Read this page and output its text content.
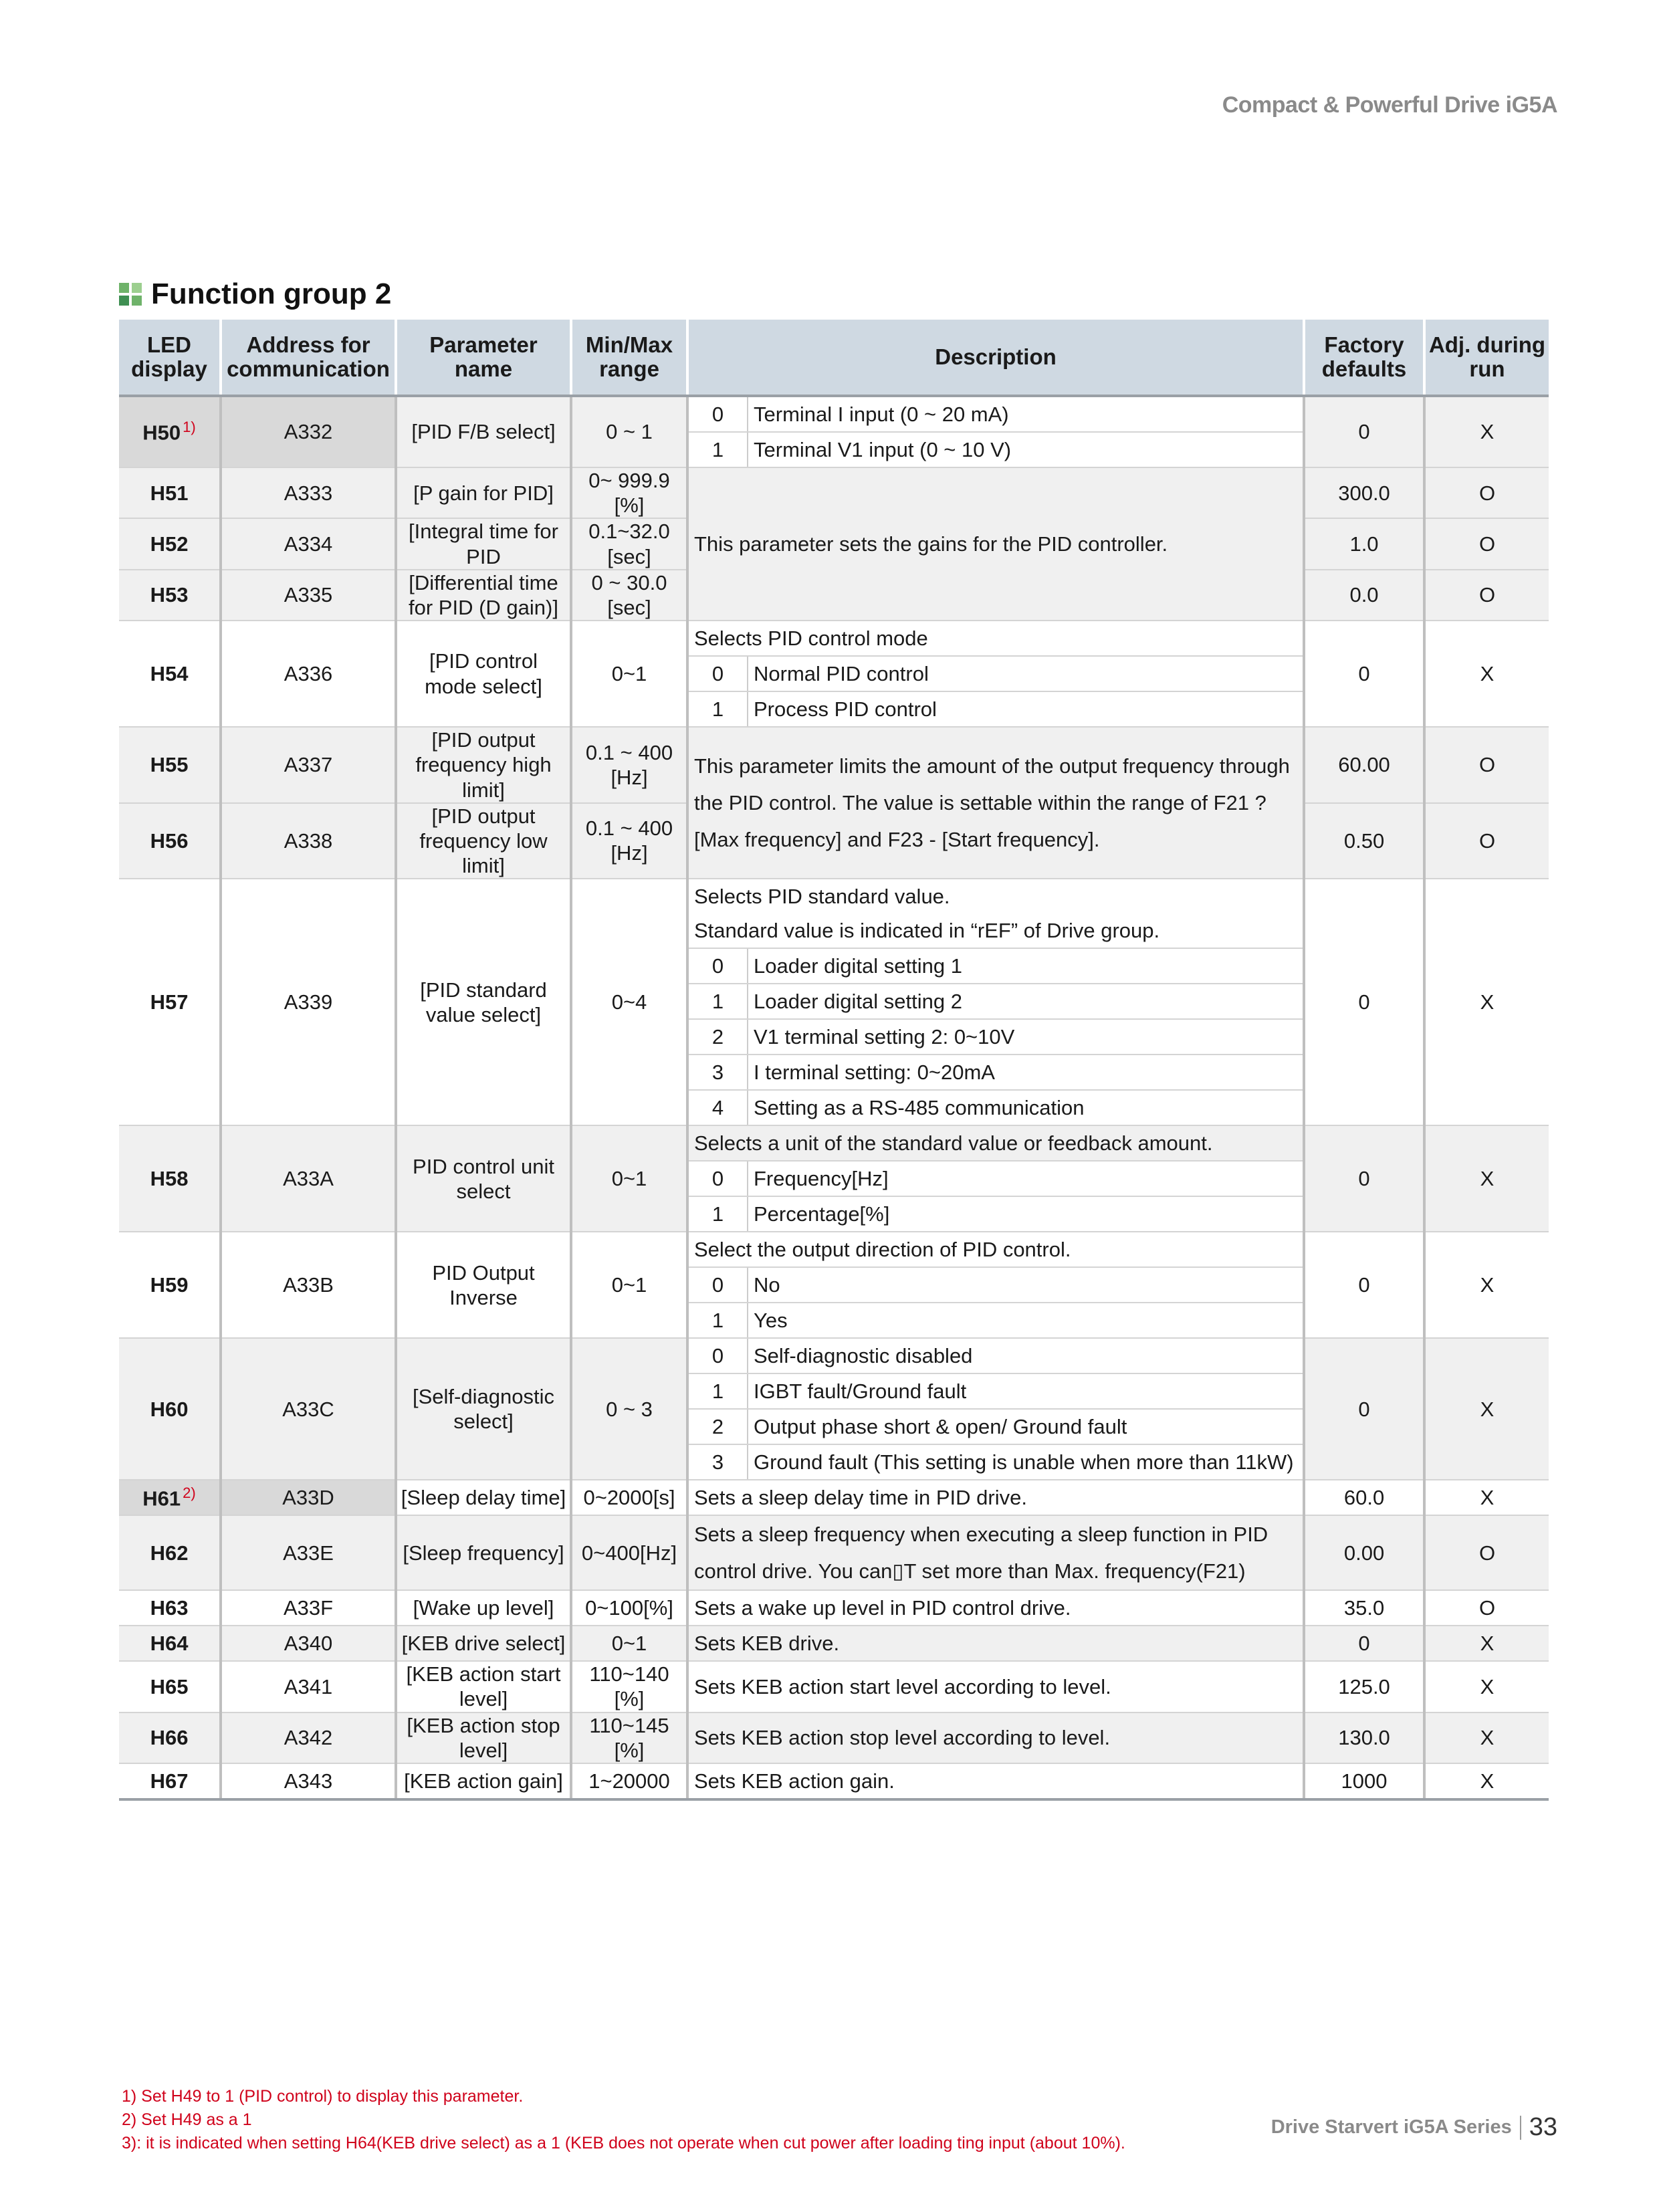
Compact & Powerful Drive iG5A
Function group 2
LED display	Address for communication	Parameter name	Min/Max range	Description		Factory defaults	Adj. during run
H50 $^{1)}$	A332	[PID F/B select]	0 ~ 1	0	Terminal I input (0 ~ 20 mA)	0	X
				1	Terminal V1 input (0 ~ 10 V)		
H51	A333	[P gain for PID]	0~ 999.9 [%]	This parameter sets the gains for the PID controller.		300.0	O

H52	A334	[Integral time for PID	0.1~32.0 [sec]			1.0	O

H53	A335	[Differential time for PID (D gain)]	0 ~ 30.0 [sec]			0.0	O

H54	A336	[PID control mode select]	0~1	Selects PID control mode		0	X
				0	Normal PID control		
				1	Process PID control		
H55	A337	[PID output frequency high limit]	0.1 ~ 400 [Hz]	This parameter limits the amount of the output frequency through the PID control. The value is settable within the range of F21 ? [Max frequency] and F23 - [Start frequency].		60.00	O

H56	A338	[PID output frequency low limit]	0.1 ~ 400 [Hz]			0.50	O

H57	A339	[PID standard value select]	0~4	Selects PID standard value.		0	X
				Standard value is indicated in “rEF” of Drive group.			
				0	Loader digital setting 1		
				1	Loader digital setting 2		
				2	V1 terminal setting 2: 0~10V		
				3	I terminal setting: 0~20mA		
				4	Setting as a RS-485 communication		
H58	A33A	PID control unit select	0~1	Selects a unit of the standard value or feedback amount.		0	X
				0	Frequency[Hz]		
				1	Percentage[%]		
H59	A33B	PID Output Inverse	0~1	Select the output direction of PID control.		0	X
				0	No		
				1	Yes		
H60	A33C	[Self-diagnostic select]	0 ~ 3	0	Self-diagnostic disabled	0	X
				1	IGBT fault/Ground fault		
				2	Output phase short & open/ Ground fault		
				3	Ground fault (This setting is unable when more than 11kW)		
H61 $^{2)}$	A33D	[Sleep delay time]	0~2000[s]	Sets a sleep delay time in PID drive.		60.0	X
H62	A33E	[Sleep frequency]	0~400[Hz]	Sets a sleep frequency when executing a sleep function in PID control drive. You can▯T set more than Max. frequency(F21)		0.00	O

H63	A33F	[Wake up level]	0~100[%]	Sets a wake up level in PID control drive.		35.0	O
H64	A340	[KEB drive select]	0~1	Sets KEB drive.		0	X
H65	A341	[KEB action start level]	110~140 [%]	Sets KEB action start level according to level.		125.0	X

H66	A342	[KEB action stop level]	110~145 [%]	Sets KEB action stop level according to level.		130.0	X

H67	A343	[KEB action gain]	1~20000	Sets KEB action gain.		1000	X

1) Set H49 to 1 (PID control) to display this parameter.
2) Set H49 as a 1
3): it is indicated when setting H64(KEB drive select) as a 1 (KEB does not operate when cut power after loading ting input (about 10%).
Drive Starvert iG5A Series 33
